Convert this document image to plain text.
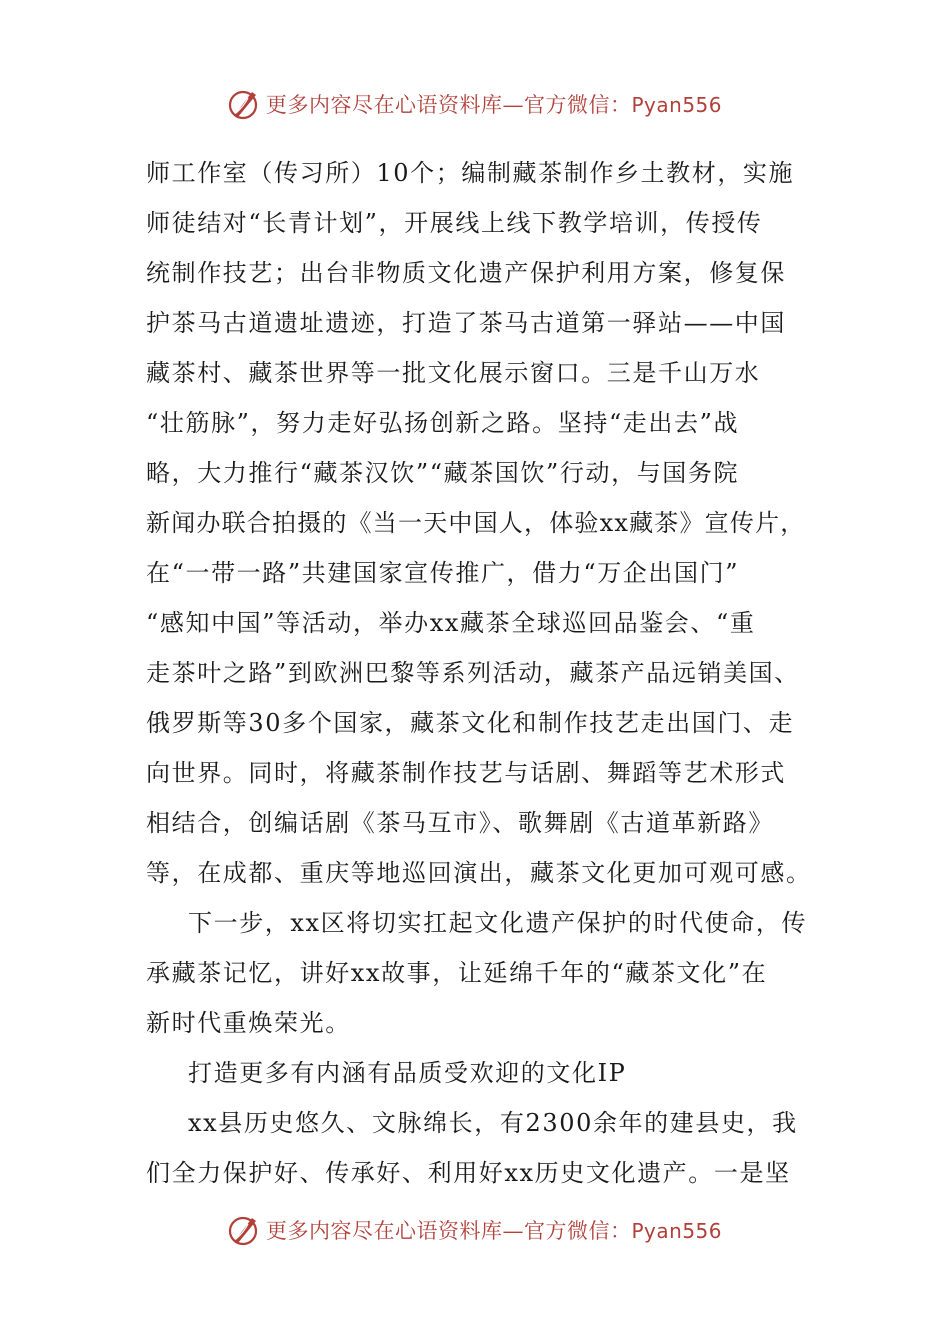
更多内容尽在心语资料库—官方微信：Pyan556
师工作室（传习所）10个；编制藏茶制作乡土教材，实施
师徒结对“长青计划”，开展线上线下教学培训，传授传
统制作技艺；出台非物质文化遗产保护利用方案，修复保
护茶马古道遗址遗迹，打造了茶马古道第一驿站——中国
藏茶村、藏茶世界等一批文化展示窗口。三是千山万水
“壮筋脉”，努力走好弘扬创新之路。坚持“走出去”战
略，大力推行“藏茶汉饮”“藏茶国饮”行动，与国务院
新闻办联合拍摄的《当一天中国人，体验xx藏茶》宣传片，
在“一带一路”共建国家宣传推广，借力“万企出国门”
“感知中国”等活动，举办xx藏茶全球巡回品鉴会、“重
走茶叶之路”到欧洲巴黎等系列活动，藏茶产品远销美国、
俄罗斯等30多个国家，藏茶文化和制作技艺走出国门、走
向世界。同时，将藏茶制作技艺与话剧、舞蹈等艺术形式
相结合，创编话剧《茶马互市》、歌舞剧《古道革新路》
等，在成都、重庆等地巡回演出，藏茶文化更加可观可感。
下一步，xx区将切实扛起文化遗产保护的时代使命，传
承藏茶记忆，讲好xx故事，让延绵千年的“藏茶文化”在
新时代重焕荣光。
打造更多有内涵有品质受欢迎的文化IP
xx县历史悠久、文脉绵长，有2300余年的建县史，我
们全力保护好、传承好、利用好xx历史文化遗产。一是坚
更多内容尽在心语资料库—官方微信：Pyan556
